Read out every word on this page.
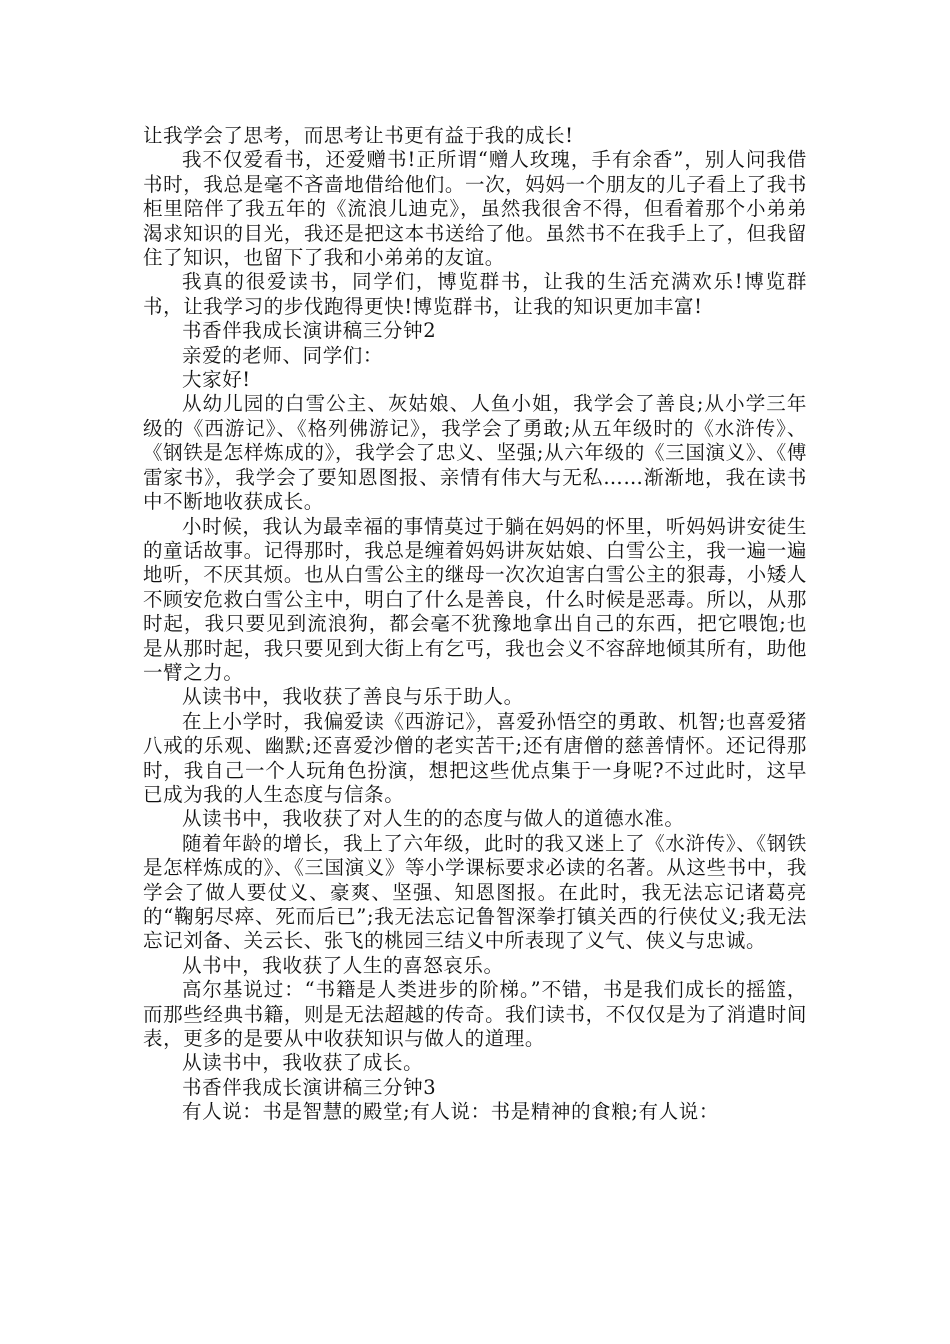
让我学会了思考，而思考让书更有益于我的成长!

我不仅爱看书，还爱赠书!正所谓“赠人玫瑰，手有余香”，别人问我借书时，我总是毫不吝啬地借给他们。一次，妈妈一个朋友的儿子看上了我书柜里陪伴了我五年的《流浪儿迪克》，虽然我很舍不得，但看着那个小弟弟渴求知识的目光，我还是把这本书送给了他。虽然书不在我手上了，但我留住了知识，也留下了我和小弟弟的友谊。

我真的很爱读书，同学们，博览群书，让我的生活充满欢乐!博览群书，让我学习的步伐跑得更快!博览群书，让我的知识更加丰富!

书香伴我成长演讲稿三分钟2

亲爱的老师、同学们：

大家好!

从幼儿园的白雪公主、灰姑娘、人鱼小姐，我学会了善良;从小学三年级的《西游记》、《格列佛游记》，我学会了勇敢;从五年级时的《水浒传》、《钢铁是怎样炼成的》，我学会了忠义、坚强;从六年级的《三国演义》、《傅雷家书》，我学会了要知恩图报、亲情有伟大与无私……渐渐地，我在读书中不断地收获成长。

小时候，我认为最幸福的事情莫过于躺在妈妈的怀里，听妈妈讲安徒生的童话故事。记得那时，我总是缠着妈妈讲灰姑娘、白雪公主，我一遍一遍地听，不厌其烦。也从白雪公主的继母一次次迫害白雪公主的狠毒，小矮人不顾安危救白雪公主中，明白了什么是善良，什么时候是恶毒。所以，从那时起，我只要见到流浪狗，都会毫不犹豫地拿出自己的东西，把它喂饱;也是从那时起，我只要见到大街上有乞丐，我也会义不容辞地倾其所有，助他一臂之力。

从读书中，我收获了善良与乐于助人。

在上小学时，我偏爱读《西游记》，喜爱孙悟空的勇敢、机智;也喜爱猪八戒的乐观、幽默;还喜爱沙僧的老实苦干;还有唐僧的慈善情怀。还记得那时，我自己一个人玩角色扮演，想把这些优点集于一身呢?不过此时，这早已成为我的人生态度与信条。

从读书中，我收获了对人生的的态度与做人的道德水准。

随着年龄的增长，我上了六年级，此时的我又迷上了《水浒传》、《钢铁是怎样炼成的》、《三国演义》等小学课标要求必读的名著。从这些书中，我学会了做人要仗义、豪爽、坚强、知恩图报。在此时，我无法忘记诸葛亮的“鞠躬尽瘁、死而后已”;我无法忘记鲁智深拳打镇关西的行侠仗义;我无法忘记刘备、关云长、张飞的桃园三结义中所表现了义气、侠义与忠诚。

从书中，我收获了人生的喜怒哀乐。

高尔基说过：“书籍是人类进步的阶梯。”不错，书是我们成长的摇篮，而那些经典书籍，则是无法超越的传奇。我们读书，不仅仅是为了消遣时间表，更多的是要从中收获知识与做人的道理。

从读书中，我收获了成长。

书香伴我成长演讲稿三分钟3

有人说：书是智慧的殿堂;有人说：书是精神的食粮;有人说：
